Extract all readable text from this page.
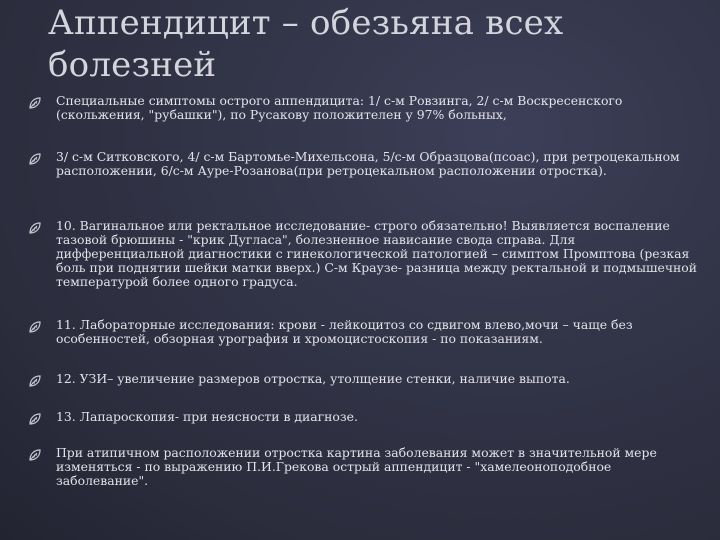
Аппендицит – обезьяна всех болезней
Специальные симптомы острого аппендицита: 1/ с-м Ровзинга, 2/ с-м Воскресенского (скольжения, "рубашки"), по Русакову положителен у 97% больных,
3/ с-м Ситковского, 4/ с-м Бартомье-Михельсона, 5/с-м Образцова(псоас), при ретроцекальном расположении, 6/с-м Ауре-Розанова(при ретроцекальном расположении отростка).
10. Вагинальное или ректальное исследование- строго обязательно! Выявляется воспаление тазовой брюшины - "крик Дугласа", болезненное нависание свода справа. Для дифференциальной диагностики с гинекологической патологией – симптом Промптова (резкая боль при поднятии шейки матки вверх.) С-м Краузе- разница между ректальной и подмышечной температурой более одного градуса.
11. Лабораторные исследования: крови - лейкоцитоз со сдвигом влево,мочи – чаще без особенностей, обзорная урография и хромоцистоскопия - по показаниям.
12. УЗИ– увеличение размеров отростка, утолщение стенки, наличие выпота.
13. Лапароскопия- при неясности в диагнозе.
При атипичном расположении отростка картина заболевания может в значительной мере изменяться - по выражению П.И.Грекова острый аппендицит - "хамелеоноподобное заболевание".
